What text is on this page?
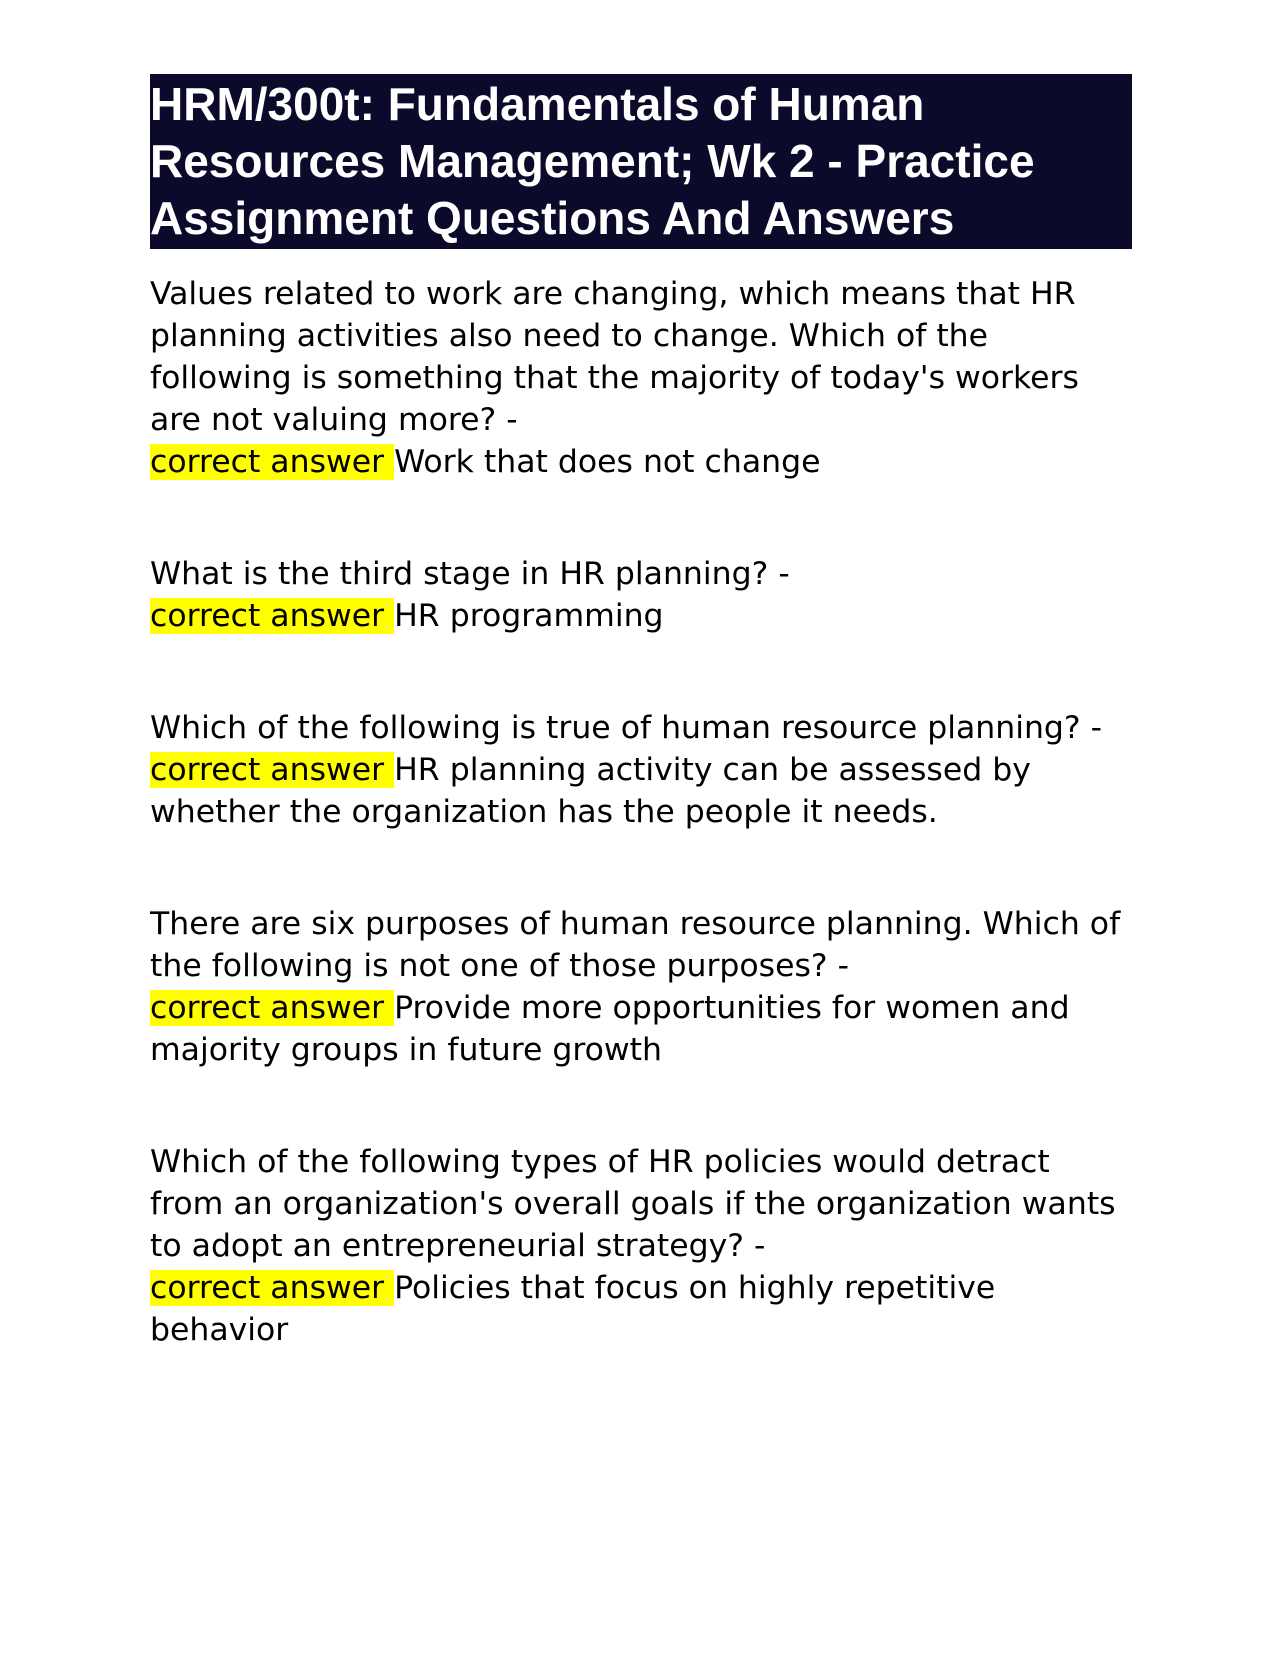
HRM/300t: Fundamentals of Human Resources Management; Wk 2 - Practice Assignment Questions And Answers
Values related to work are changing, which means that HR planning activities also need to change. Which of the following is something that the majority of today's workers are not valuing more? -
correct answer Work that does not change
What is the third stage in HR planning? -
correct answer HR programming
Which of the following is true of human resource planning? -
correct answer HR planning activity can be assessed by whether the organization has the people it needs.
There are six purposes of human resource planning. Which of the following is not one of those purposes? -
correct answer Provide more opportunities for women and majority groups in future growth
Which of the following types of HR policies would detract from an organization's overall goals if the organization wants to adopt an entrepreneurial strategy? -
correct answer Policies that focus on highly repetitive behavior
